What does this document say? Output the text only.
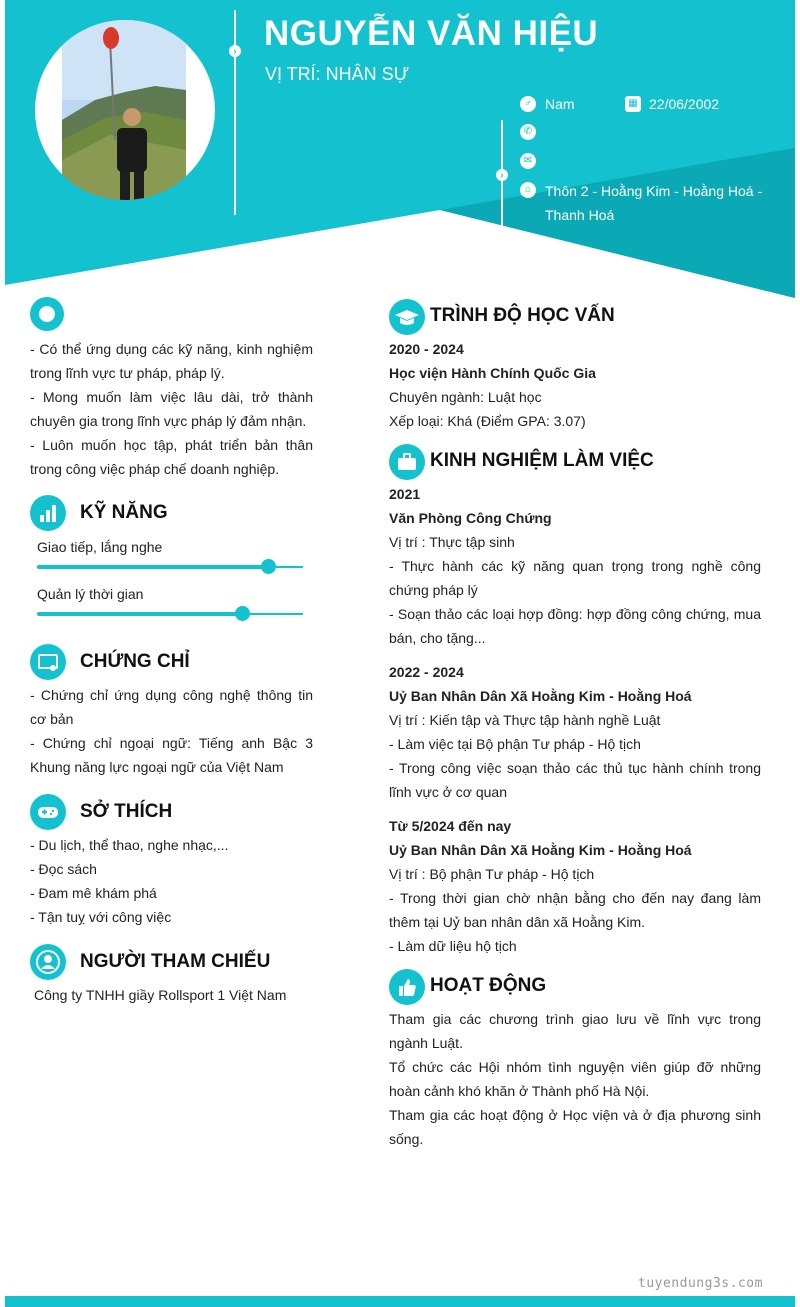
›
›
NGUYỄN VĂN HIỆU
VỊ TRÍ: NHÂN SỰ
♂ Nam	▦ 22/06/2002
✆
✉
⌂ Thôn 2 - Hoằng Kim - Hoằng Hoá - Thanh Hoá
- Có thể ứng dụng các kỹ năng, kinh nghiệm trong lĩnh vực tư pháp, pháp lý.
- Mong muốn làm việc lâu dài, trở thành chuyên gia trong lĩnh vực pháp lý đảm nhận.
- Luôn muốn học tập, phát triển bản thân trong công việc pháp chế doanh nghiệp.
KỸ NĂNG
Giao tiếp, lắng nghe
Quản lý thời gian
CHỨNG CHỈ
- Chứng chỉ ứng dụng công nghệ thông tin cơ bản
- Chứng chỉ ngoại ngữ: Tiếng anh Bậc 3 Khung năng lực ngoại ngữ của Việt Nam
SỞ THÍCH
- Du lịch, thể thao, nghe nhạc,...
- Đọc sách
- Đam mê khám phá
- Tận tuỵ với công việc
NGƯỜI THAM CHIẾU
Công ty TNHH giầy Rollsport 1 Việt Nam
TRÌNH ĐỘ HỌC VẤN
2020 - 2024
Học viện Hành Chính Quốc Gia
Chuyên ngành: Luật học
Xếp loại: Khá (Điểm GPA: 3.07)
KINH NGHIỆM LÀM VIỆC
2021
Văn Phòng Công Chứng
Vị trí : Thực tập sinh
- Thực hành các kỹ năng quan trọng trong nghề công chứng pháp lý
- Soạn thảo các loại hợp đồng: hợp đồng công chứng, mua bán, cho tặng...
2022 - 2024
Uỷ Ban Nhân Dân Xã Hoằng Kim - Hoằng Hoá
Vị trí : Kiến tập và Thực tập hành nghề Luật
- Làm việc tại Bộ phận Tư pháp - Hộ tịch
- Trong công việc soạn thảo các thủ tục hành chính trong lĩnh vực ở cơ quan
Từ 5/2024 đến nay
Uỷ Ban Nhân Dân Xã Hoằng Kim - Hoằng Hoá
Vị trí : Bộ phận Tư pháp - Hộ tịch
- Trong thời gian chờ nhận bằng cho đến nay đang làm thêm tại Uỷ ban nhân dân xã Hoằng Kim.
- Làm dữ liệu hộ tịch
HOẠT ĐỘNG
Tham gia các chương trình giao lưu về lĩnh vực trong ngành Luật.
Tổ chức các Hội nhóm tình nguyện viên giúp đỡ những hoàn cảnh khó khăn ở Thành phố Hà Nội.
Tham gia các hoạt động ở Học viện và ở địa phương sinh sống.
tuyendung3s.com
